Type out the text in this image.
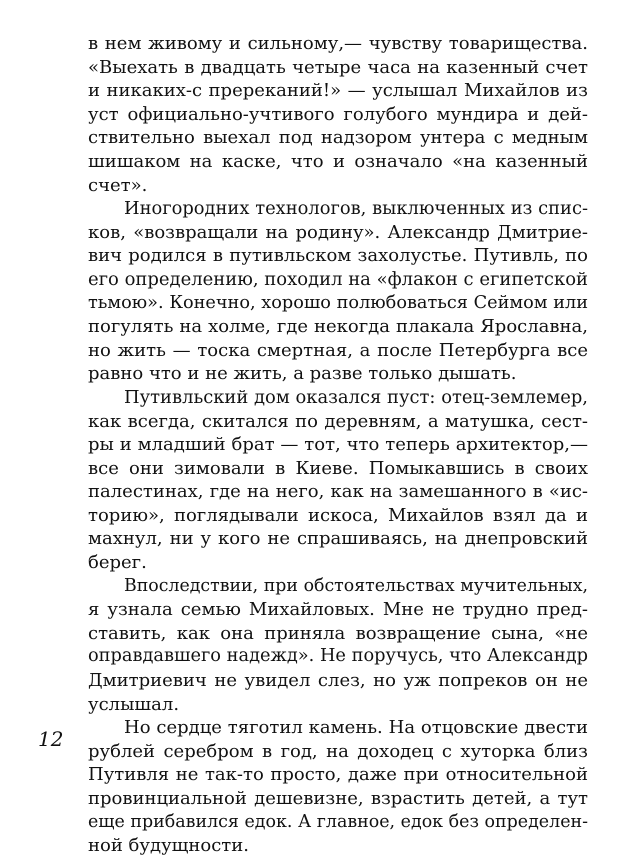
в нем живому и сильному,— чувству товарищества.
«Выехать в двадцать четыре часа на казенный счет
и никаких-с пререканий!» — услышал Михайлов из
уст официально-учтивого голубого мундира и дей-
ствительно выехал под надзором унтера с медным
шишаком на каске, что и означало «на казенный
счет».
Иногородних технологов, выключенных из спис-
ков, «возвращали на родину». Александр Дмитрие-
вич родился в путивльском захолустье. Путивль, по
его определению, походил на «флакон с египетской
тьмою». Конечно, хорошо полюбоваться Сеймом или
погулять на холме, где некогда плакала Ярославна,
но жить — тоска смертная, а после Петербурга все
равно что и не жить, а разве только дышать.
Путивльский дом оказался пуст: отец-землемер,
как всегда, скитался по деревням, а матушка, сест-
ры и младший брат — тот, что теперь архитектор,—
все они зимовали в Киеве. Помыкавшись в своих
палестинах, где на него, как на замешанного в «ис-
торию», поглядывали искоса, Михайлов взял да и
махнул, ни у кого не спрашиваясь, на днепровский
берег.
Впоследствии, при обстоятельствах мучительных,
я узнала семью Михайловых. Мне не трудно пред-
ставить, как она приняла возвращение сына, «не
оправдавшего надежд». Не поручусь, что Александр
Дмитриевич не увидел слез, но уж попреков он не
услышал.
Но сердце тяготил камень. На отцовские двести
рублей серебром в год, на доходец с хуторка близ
Путивля не так-то просто, даже при относительной
провинциальной дешевизне, взрастить детей, а тут
еще прибавился едок. А главное, едок без определен-
ной будущности.
12
